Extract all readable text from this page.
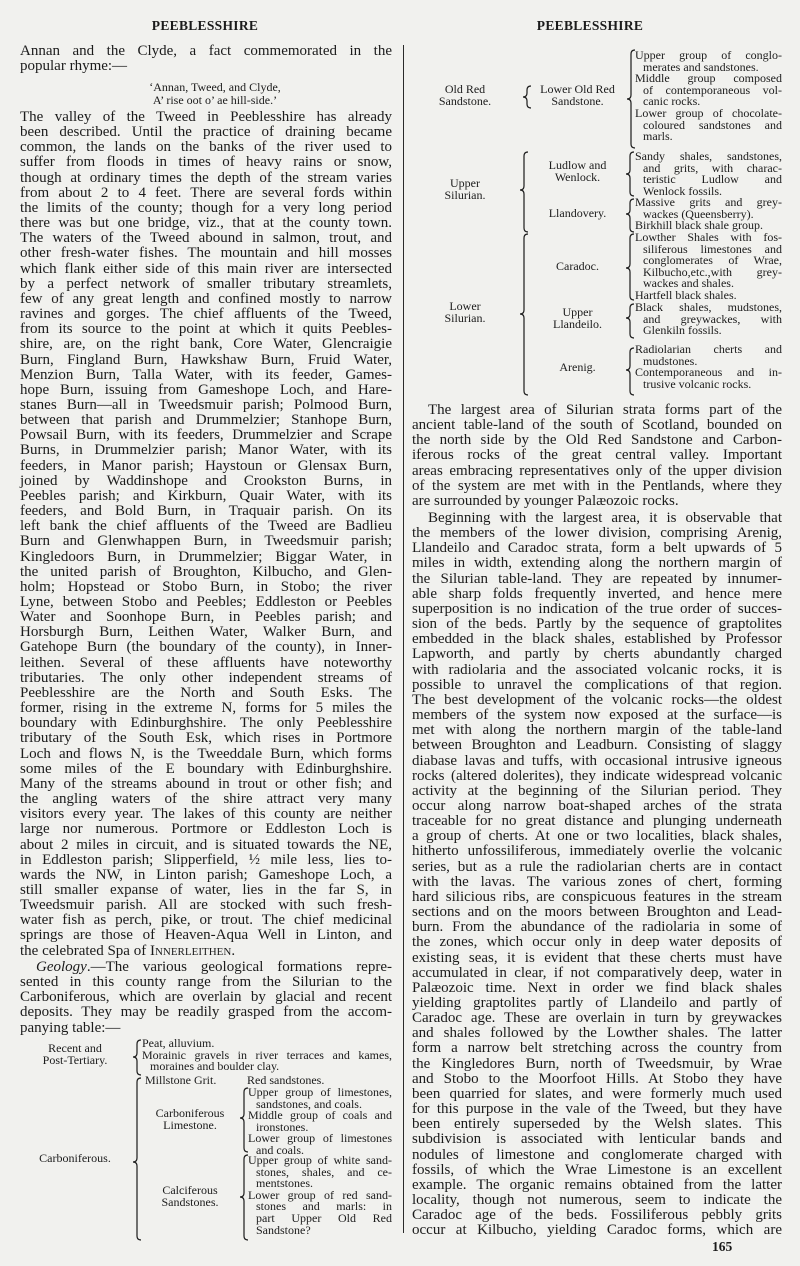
PEEBLESSHIRE	PEEBLESSHIRE
Annan and the Clyde, a fact commemorated in the
popular rhyme:—
‘Annan, Tweed, and Clyde,
A’ rise oot o’ ae hill-side.’
The valley of the Tweed in Peeblesshire has already
been described. Until the practice of draining became
common, the lands on the banks of the river used to
suffer from floods in times of heavy rains or snow,
though at ordinary times the depth of the stream varies
from about 2 to 4 feet. There are several fords within
the limits of the county; though for a very long period
there was but one bridge, viz., that at the county town.
The waters of the Tweed abound in salmon, trout, and
other fresh-water fishes. The mountain and hill mosses
which flank either side of this main river are intersected
by a perfect network of smaller tributary streamlets,
few of any great length and confined mostly to narrow
ravines and gorges. The chief affluents of the Tweed,
from its source to the point at which it quits Peebles-
shire, are, on the right bank, Core Water, Glencraigie
Burn, Fingland Burn, Hawkshaw Burn, Fruid Water,
Menzion Burn, Talla Water, with its feeder, Games-
hope Burn, issuing from Gameshope Loch, and Hare-
stanes Burn—all in Tweedsmuir parish; Polmood Burn,
between that parish and Drummelzier; Stanhope Burn,
Powsail Burn, with its feeders, Drummelzier and Scrape
Burns, in Drummelzier parish; Manor Water, with its
feeders, in Manor parish; Haystoun or Glensax Burn,
joined by Waddinshope and Crookston Burns, in
Peebles parish; and Kirkburn, Quair Water, with its
feeders, and Bold Burn, in Traquair parish. On its
left bank the chief affluents of the Tweed are Badlieu
Burn and Glenwhappen Burn, in Tweedsmuir parish;
Kingledoors Burn, in Drummelzier; Biggar Water, in
the united parish of Broughton, Kilbucho, and Glen-
holm; Hopstead or Stobo Burn, in Stobo; the river
Lyne, between Stobo and Peebles; Eddleston or Peebles
Water and Soonhope Burn, in Peebles parish; and
Horsburgh Burn, Leithen Water, Walker Burn, and
Gatehope Burn (the boundary of the county), in Inner-
leithen. Several of these affluents have noteworthy
tributaries. The only other independent streams of
Peeblesshire are the North and South Esks. The
former, rising in the extreme N, forms for 5 miles the
boundary with Edinburghshire. The only Peeblesshire
tributary of the South Esk, which rises in Portmore
Loch and flows N, is the Tweeddale Burn, which forms
some miles of the E boundary with Edinburghshire.
Many of the streams abound in trout or other fish; and
the angling waters of the shire attract very many
visitors every year. The lakes of this county are neither
large nor numerous. Portmore or Eddleston Loch is
about 2 miles in circuit, and is situated towards the NE,
in Eddleston parish; Slipperfield, ½ mile less, lies to-
wards the NW, in Linton parish; Gameshope Loch, a
still smaller expanse of water, lies in the far S, in
Tweedsmuir parish. All are stocked with such fresh-
water fish as perch, pike, or trout. The chief medicinal
springs are those of Heaven-Aqua Well in Linton, and
the celebrated Spa of Innerleithen.
Geology.—The various geological formations repre-
sented in this county range from the Silurian to the
Carboniferous, which are overlain by glacial and recent
deposits. They may be readily grasped from the accom-
panying table:—
Recent and
Post-Tertiary.
Peat, alluvium.
Morainic gravels in river terraces and kames,
moraines and boulder clay.
Carboniferous.
Millstone Grit.	Red sandstones.
Carboniferous
Limestone.
Upper group of limestones,
sandstones, and coals.
Middle group of coals and
ironstones.
Lower group of limestones
and coals.
Calciferous
Sandstones.
Upper group of white sand-
stones, shales, and ce-
mentstones.
Lower group of red sand-
stones and marls: in
part Upper Old Red
Sandstone?
Old Red
Sandstone.
Lower Old Red
Sandstone.
Upper group of conglo-
merates and sandstones.
Middle group composed
of contemporaneous vol-
canic rocks.
Lower group of chocolate-
coloured sandstones and
marls.
Upper
Silurian.
Ludlow and
Wenlock.
Sandy shales, sandstones,
and grits, with charac-
teristic Ludlow and
Wenlock fossils.
Llandovery.
Massive grits and grey-
wackes (Queensberry).
Birkhill black shale group.
Lower
Silurian.
Caradoc.
Lowther Shales with fos-
siliferous limestones and
conglomerates of Wrae,
Kilbucho,etc.,with grey-
wackes and shales.
Hartfell black shales.
Upper
Llandeilo.
Black shales, mudstones,
and greywackes, with
Glenkiln fossils.
Arenig.
Radiolarian cherts and
mudstones.
Contemporaneous and in-
trusive volcanic rocks.
The largest area of Silurian strata forms part of the
ancient table-land of the south of Scotland, bounded on
the north side by the Old Red Sandstone and Carbon-
iferous rocks of the great central valley. Important
areas embracing representatives only of the upper division
of the system are met with in the Pentlands, where they
are surrounded by younger Palæozoic rocks.
Beginning with the largest area, it is observable that
the members of the lower division, comprising Arenig,
Llandeilo and Caradoc strata, form a belt upwards of 5
miles in width, extending along the northern margin of
the Silurian table-land. They are repeated by innumer-
able sharp folds frequently inverted, and hence mere
superposition is no indication of the true order of succes-
sion of the beds. Partly by the sequence of graptolites
embedded in the black shales, established by Professor
Lapworth, and partly by cherts abundantly charged
with radiolaria and the associated volcanic rocks, it is
possible to unravel the complications of that region.
The best development of the volcanic rocks—the oldest
members of the system now exposed at the surface—is
met with along the northern margin of the table-land
between Broughton and Leadburn. Consisting of slaggy
diabase lavas and tuffs, with occasional intrusive igneous
rocks (altered dolerites), they indicate widespread volcanic
activity at the beginning of the Silurian period. They
occur along narrow boat-shaped arches of the strata
traceable for no great distance and plunging underneath
a group of cherts. At one or two localities, black shales,
hitherto unfossiliferous, immediately overlie the volcanic
series, but as a rule the radiolarian cherts are in contact
with the lavas. The various zones of chert, forming
hard silicious ribs, are conspicuous features in the stream
sections and on the moors between Broughton and Lead-
burn. From the abundance of the radiolaria in some of
the zones, which occur only in deep water deposits of
existing seas, it is evident that these cherts must have
accumulated in clear, if not comparatively deep, water in
Palæozoic time. Next in order we find black shales
yielding graptolites partly of Llandeilo and partly of
Caradoc age. These are overlain in turn by greywackes
and shales followed by the Lowther shales. The latter
form a narrow belt stretching across the country from
the Kingledores Burn, north of Tweedsmuir, by Wrae
and Stobo to the Moorfoot Hills. At Stobo they have
been quarried for slates, and were formerly much used
for this purpose in the vale of the Tweed, but they have
been entirely superseded by the Welsh slates. This
subdivision is associated with lenticular bands and
nodules of limestone and conglomerate charged with
fossils, of which the Wrae Limestone is an excellent
example. The organic remains obtained from the latter
locality, though not numerous, seem to indicate the
Caradoc age of the beds. Fossiliferous pebbly grits
occur at Kilbucho, yielding Caradoc forms, which are
165
